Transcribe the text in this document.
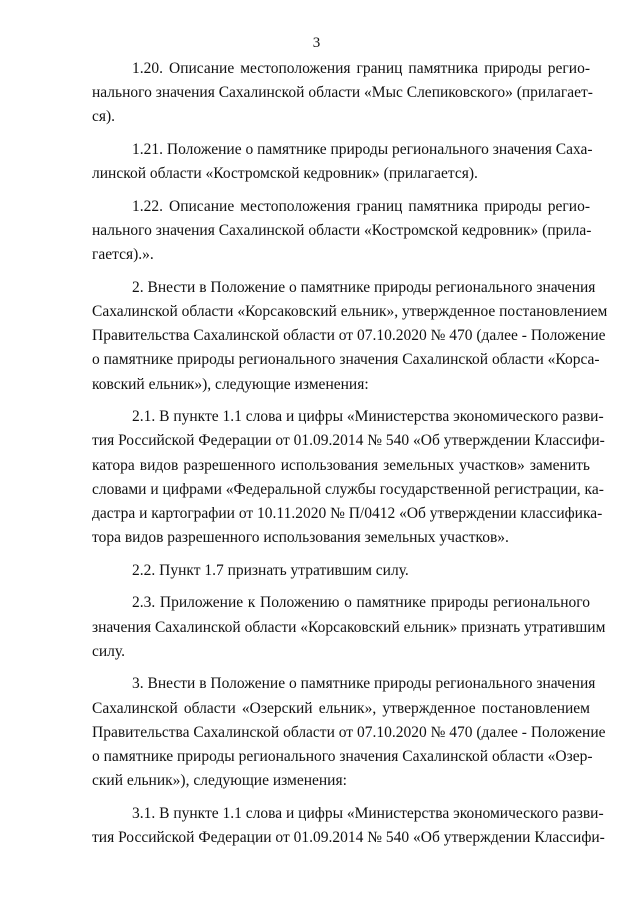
3
1.20. Описание местоположения границ памятника природы регио-
нального значения Сахалинской области «Мыс Слепиковского» (прилагает-
ся).
1.21. Положение о памятнике природы регионального значения Саха-
линской области «Костромской кедровник» (прилагается).
1.22. Описание местоположения границ памятника природы регио-
нального значения Сахалинской области «Костромской кедровник» (прила-
гается).».
2. Внести в Положение о памятнике природы регионального значения
Сахалинской области «Корсаковский ельник», утвержденное постановлением
Правительства Сахалинской области от 07.10.2020 № 470 (далее - Положение
о памятнике природы регионального значения Сахалинской области «Корса-
ковский ельник»), следующие изменения:
2.1. В пункте 1.1 слова и цифры «Министерства экономического разви-
тия Российской Федерации от 01.09.2014 № 540 «Об утверждении Классифи-
катора видов разрешенного использования земельных участков» заменить
словами и цифрами «Федеральной службы государственной регистрации, ка-
дастра и картографии от 10.11.2020 № П/0412 «Об утверждении классифика-
тора видов разрешенного использования земельных участков».
2.2. Пункт 1.7 признать утратившим силу.
2.3. Приложение к Положению о памятнике природы регионального
значения Сахалинской области «Корсаковский ельник» признать утратившим
силу.
3. Внести в Положение о памятнике природы регионального значения
Сахалинской области «Озерский ельник», утвержденное постановлением
Правительства Сахалинской области от 07.10.2020 № 470 (далее - Положение
о памятнике природы регионального значения Сахалинской области «Озер-
ский ельник»), следующие изменения:
3.1. В пункте 1.1 слова и цифры «Министерства экономического разви-
тия Российской Федерации от 01.09.2014 № 540 «Об утверждении Классифи-
